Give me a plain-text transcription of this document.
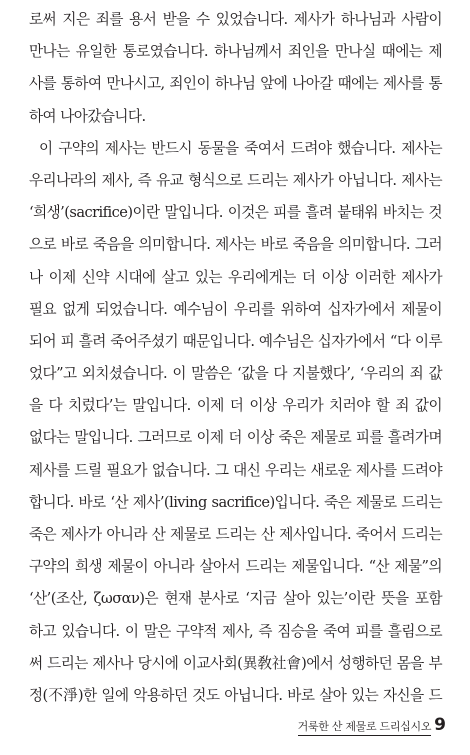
로써 지은 죄를 용서 받을 수 있었습니다. 제사가 하나님과 사람이
만나는 유일한 통로였습니다. 하나님께서 죄인을 만나실 때에는 제
사를 통하여 만나시고, 죄인이 하나님 앞에 나아갈 때에는 제사를 통
하여 나아갔습니다.
이 구약의 제사는 반드시 동물을 죽여서 드려야 했습니다. 제사는
우리나라의 제사, 즉 유교 형식으로 드리는 제사가 아닙니다. 제사는
‘희생’(sacrifice)이란 말입니다. 이것은 피를 흘려 붙태워 바치는 것
으로 바로 죽음을 의미합니다. 제사는 바로 죽음을 의미합니다. 그러
나 이제 신약 시대에 살고 있는 우리에게는 더 이상 이러한 제사가
필요 없게 되었습니다. 예수님이 우리를 위하여 십자가에서 제물이
되어 피 흘려 죽어주셨기 때문입니다. 예수님은 십자가에서 “다 이루
었다”고 외치셨습니다. 이 말씀은 ‘값을 다 지불했다’, ‘우리의 죄 값
을 다 치렀다’는 말입니다. 이제 더 이상 우리가 치러야 할 죄 값이
없다는 말입니다. 그러므로 이제 더 이상 죽은 제물로 피를 흘려가며
제사를 드릴 필요가 없습니다. 그 대신 우리는 새로운 제사를 드려야
합니다. 바로 ‘산 제사’(living sacrifice)입니다. 죽은 제물로 드리는
죽은 제사가 아니라 산 제물로 드리는 산 제사입니다. 죽어서 드리는
구약의 희생 제물이 아니라 살아서 드리는 제물입니다. “산 제물”의
‘산’(조산, ζωσαν)은 현재 분사로 ‘지금 살아 있는’이란 뜻을 포함
하고 있습니다. 이 말은 구약적 제사, 즉 짐승을 죽여 피를 흘림으로
써 드리는 제사나 당시에 이교사회(異敎社會)에서 성행하던 몸을 부
정(不淨)한 일에 악용하던 것도 아닙니다. 바로 살아 있는 자신을 드
거룩한 산 제물로 드리십시오 9
